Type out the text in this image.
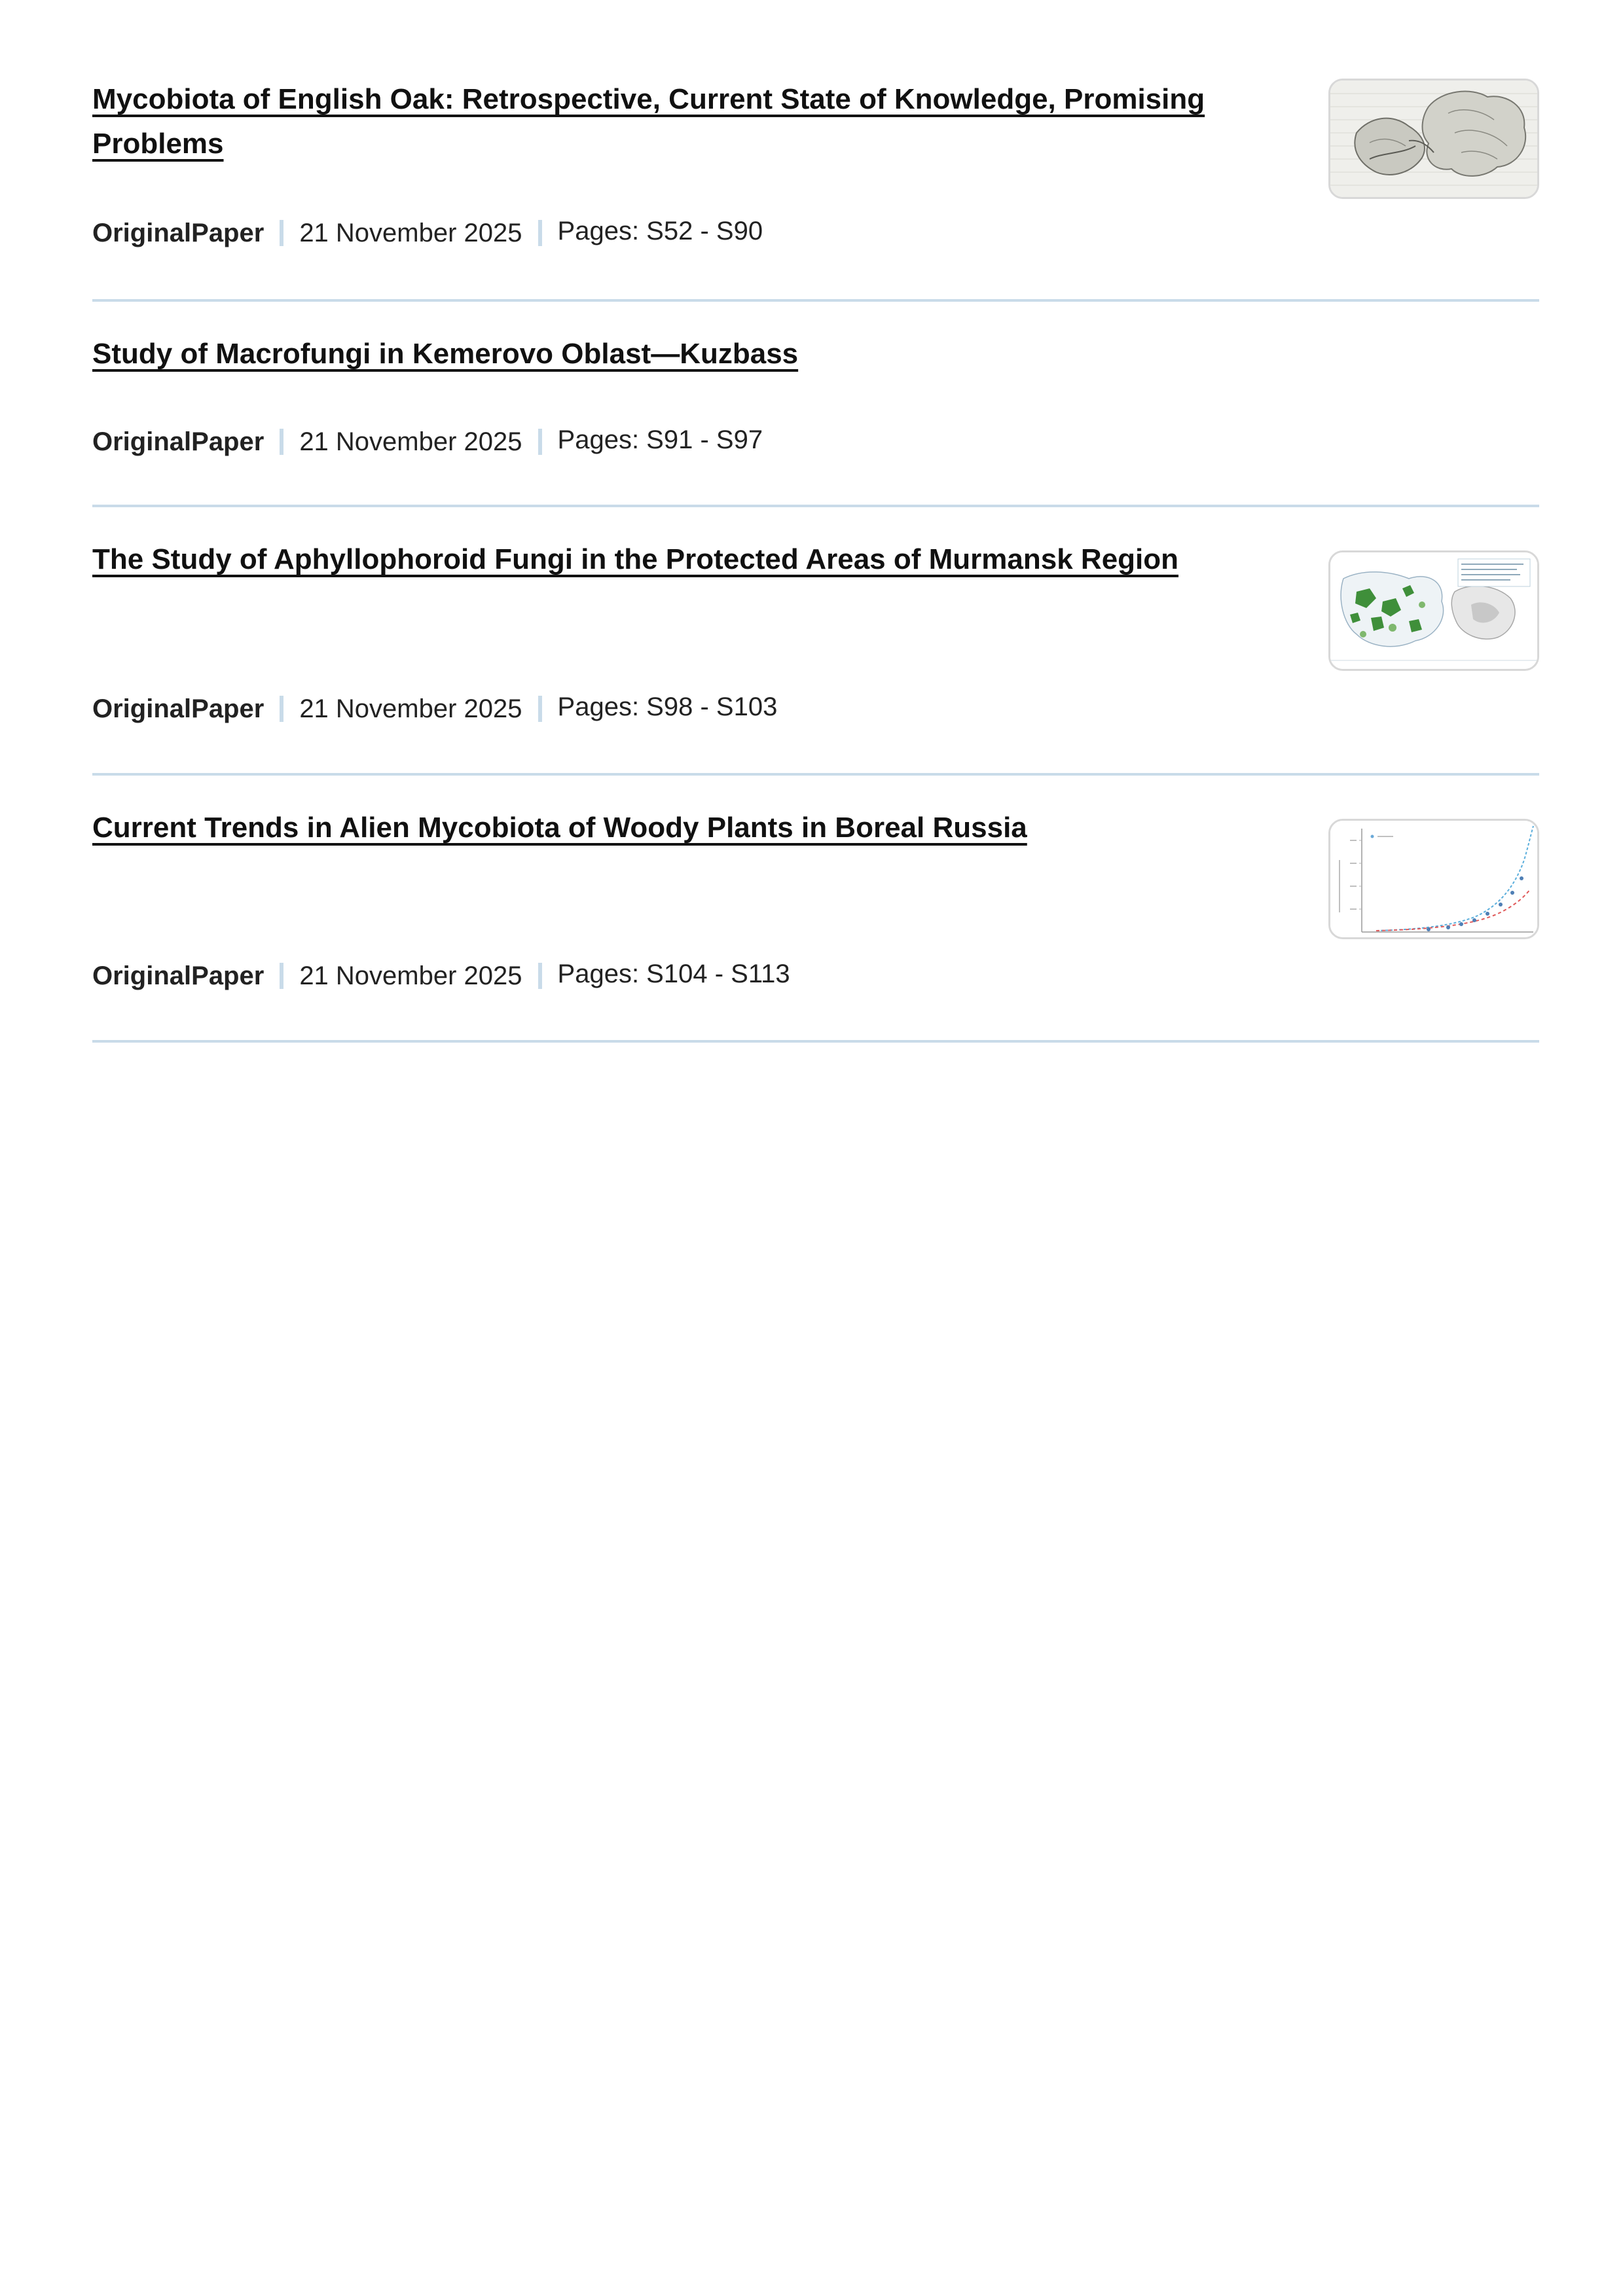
Mycobiota of English Oak: Retrospective, Current State of Knowledge, Promising Problems
OriginalPaper 21 November 2025 Pages: S52 - S90
Study of Macrofungi in Kemerovo Oblast—Kuzbass
OriginalPaper 21 November 2025 Pages: S91 - S97
The Study of Aphyllophoroid Fungi in the Protected Areas of Murmansk Region
OriginalPaper 21 November 2025 Pages: S98 - S103
Current Trends in Alien Mycobiota of Woody Plants in Boreal Russia
OriginalPaper 21 November 2025 Pages: S104 - S113
